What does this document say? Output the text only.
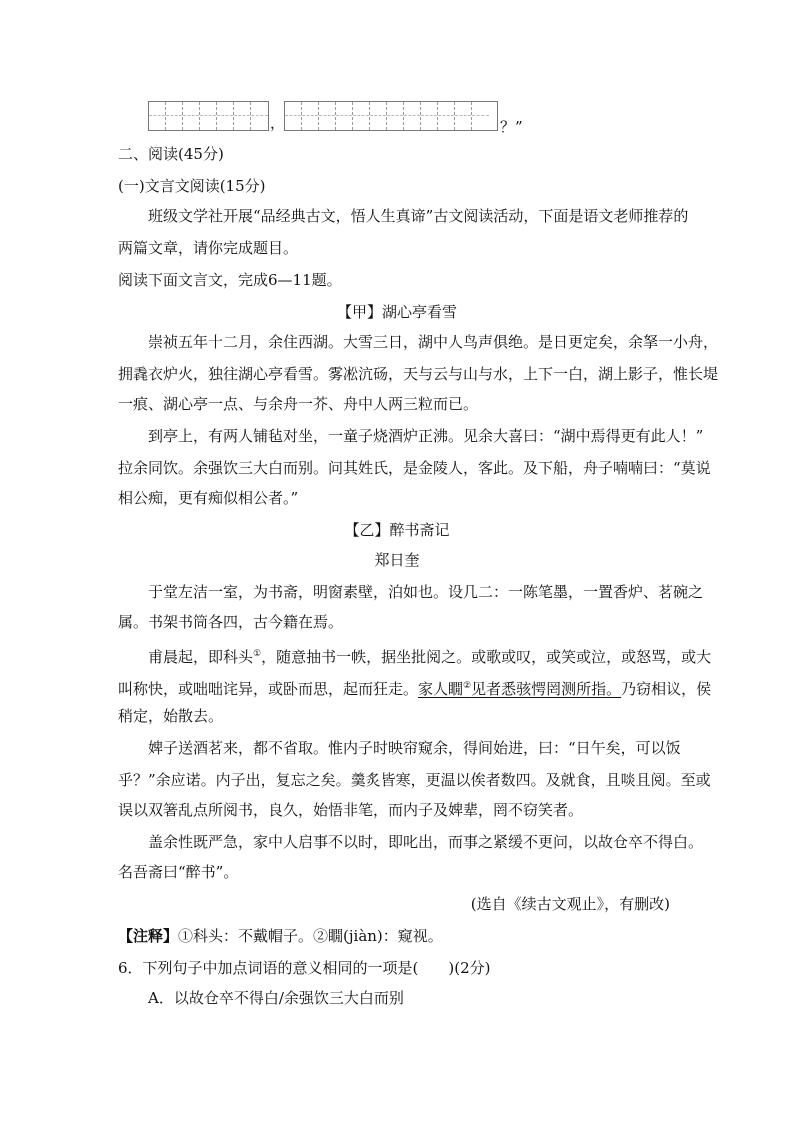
，	？”
二、阅读(45分)
(一)文言文阅读(15分)
班级文学社开展“品经典古文，悟人生真谛”古文阅读活动，下面是语文老师推荐的
两篇文章，请你完成题目。
阅读下面文言文，完成6—11题。
【甲】湖心亭看雪
崇祯五年十二月，余住西湖。大雪三日，湖中人鸟声俱绝。是日更定矣，余拏一小舟，
拥毳衣炉火，独往湖心亭看雪。雾凇沆砀，天与云与山与水，上下一白，湖上影子，惟长堤
一痕、湖心亭一点、与余舟一芥、舟中人两三粒而已。
到亭上，有两人铺毡对坐，一童子烧酒炉正沸。见余大喜曰：“湖中焉得更有此人！”
拉余同饮。余强饮三大白而别。问其姓氏，是金陵人，客此。及下船，舟子喃喃曰：“莫说
相公痴，更有痴似相公者。”
【乙】醉书斋记
郑日奎
于堂左洁一室，为书斋，明窗素壁，泊如也。设几二：一陈笔墨，一置香炉、茗碗之
属。书架书筒各四，古今籍在焉。
甫晨起，即科头①，随意抽书一帙，据坐批阅之。或歌或叹，或笑或泣，或怒骂，或大
叫称快，或咄咄诧异，或卧而思，起而狂走。家人瞯②见者悉骇愕罔测所指。乃窃相议，侯
稍定，始散去。
婢子送酒茗来，都不省取。惟内子时映帘窥余，得间始进，曰：“日午矣，可以饭
乎？”余应诺。内子出，复忘之矣。羹炙皆寒，更温以俟者数四。及就食，且啖且阅。至或
误以双箸乱点所阅书，良久，始悟非笔，而内子及婢辈，罔不窃笑者。
盖余性既严急，家中人启事不以时，即叱出，而事之紧缓不更问，以故仓卒不得白。
名吾斋曰“醉书”。
(选自《续古文观止》，有删改)
【注释】①科头：不戴帽子。②瞯(jiàn)：窥视。
6．下列句子中加点词语的意义相同的一项是(　　)(2分)
A．以故仓卒不得白/余强饮三大白而别
